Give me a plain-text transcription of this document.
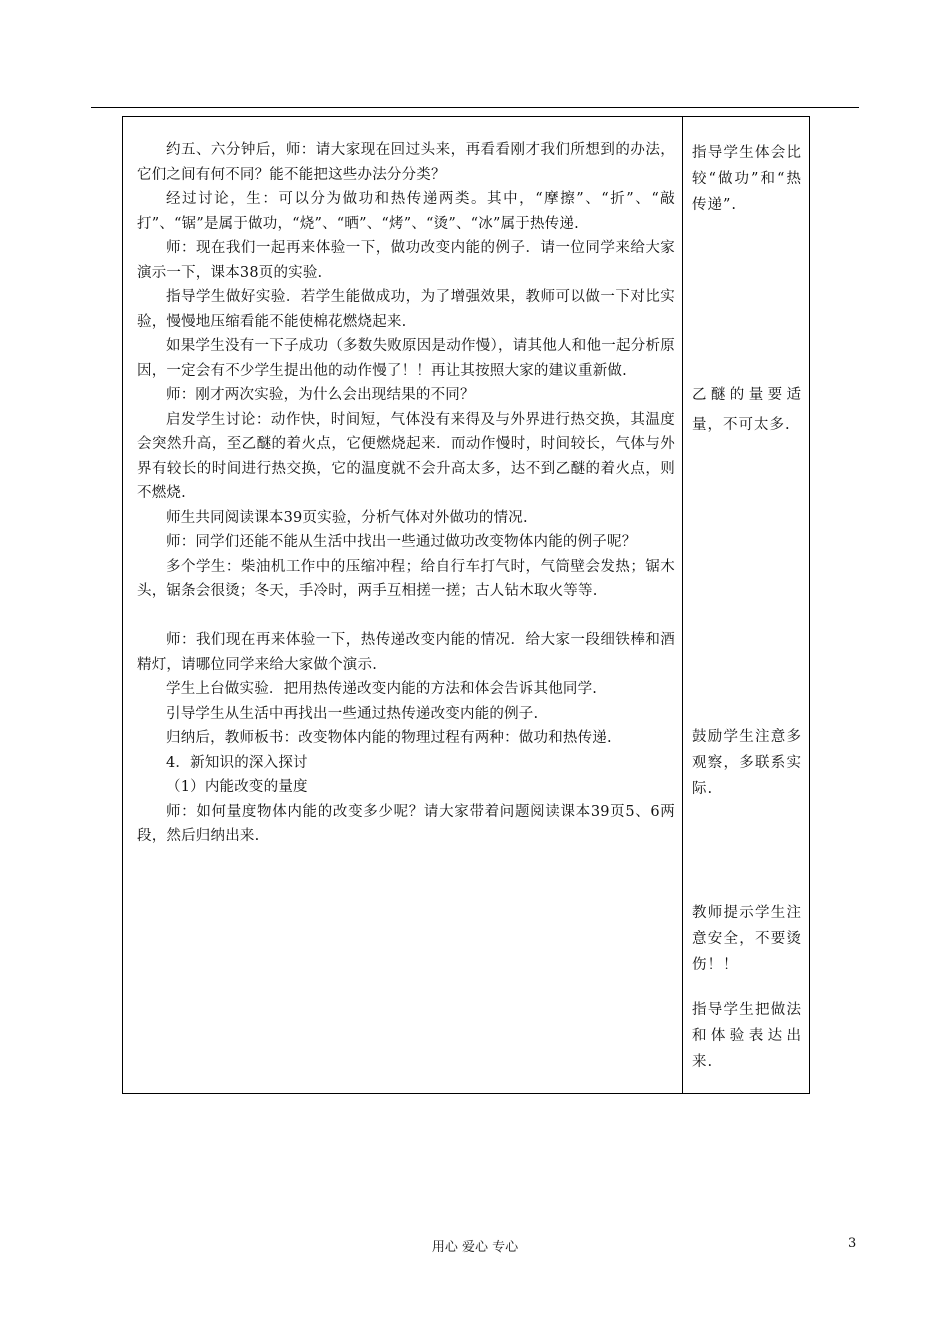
约五、六分钟后，师：请大家现在回过头来，再看看刚才我们所想到的办法，它们之间有何不同？能不能把这些办法分分类？

经过讨论，生：可以分为做功和热传递两类。其中，“摩擦”、“折”、“敲打”、“锯”是属于做功，“烧”、“晒”、“烤”、“烫”、“冰”属于热传递.

师：现在我们一起再来体验一下，做功改变内能的例子．请一位同学来给大家演示一下，课本38页的实验.

指导学生做好实验．若学生能做成功，为了增强效果，教师可以做一下对比实验，慢慢地压缩看能不能使棉花燃烧起来.

如果学生没有一下子成功（多数失败原因是动作慢），请其他人和他一起分析原因，一定会有不少学生提出他的动作慢了！！再让其按照大家的建议重新做.

师：刚才两次实验，为什么会出现结果的不同？

启发学生讨论：动作快，时间短，气体没有来得及与外界进行热交换，其温度会突然升高，至乙醚的着火点，它便燃烧起来．而动作慢时，时间较长，气体与外界有较长的时间进行热交换，它的温度就不会升高太多，达不到乙醚的着火点，则不燃烧.

师生共同阅读课本39页实验，分析气体对外做功的情况.

师：同学们还能不能从生活中找出一些通过做功改变物体内能的例子呢？

多个学生：柴油机工作中的压缩冲程；给自行车打气时，气筒壁会发热；锯木头，锯条会很烫；冬天，手冷时，两手互相搓一搓；古人钻木取火等等.

师：我们现在再来体验一下，热传递改变内能的情况．给大家一段细铁棒和酒精灯，请哪位同学来给大家做个演示.

学生上台做实验．把用热传递改变内能的方法和体会告诉其他同学.

引导学生从生活中再找出一些通过热传递改变内能的例子.

归纳后，教师板书：改变物体内能的物理过程有两种：做功和热传递.

4．新知识的深入探讨

（1）内能改变的量度

师：如何量度物体内能的改变多少呢？请大家带着问题阅读课本39页5、6两段，然后归纳出来.

指导学生体会比较“做功”和“热传递”.

乙醚的量要适量，不可太多.

鼓励学生注意多观察，多联系实际.

教师提示学生注意安全，不要烫伤！！

指导学生把做法和体验表达出来.

用心 爱心 专心	3
